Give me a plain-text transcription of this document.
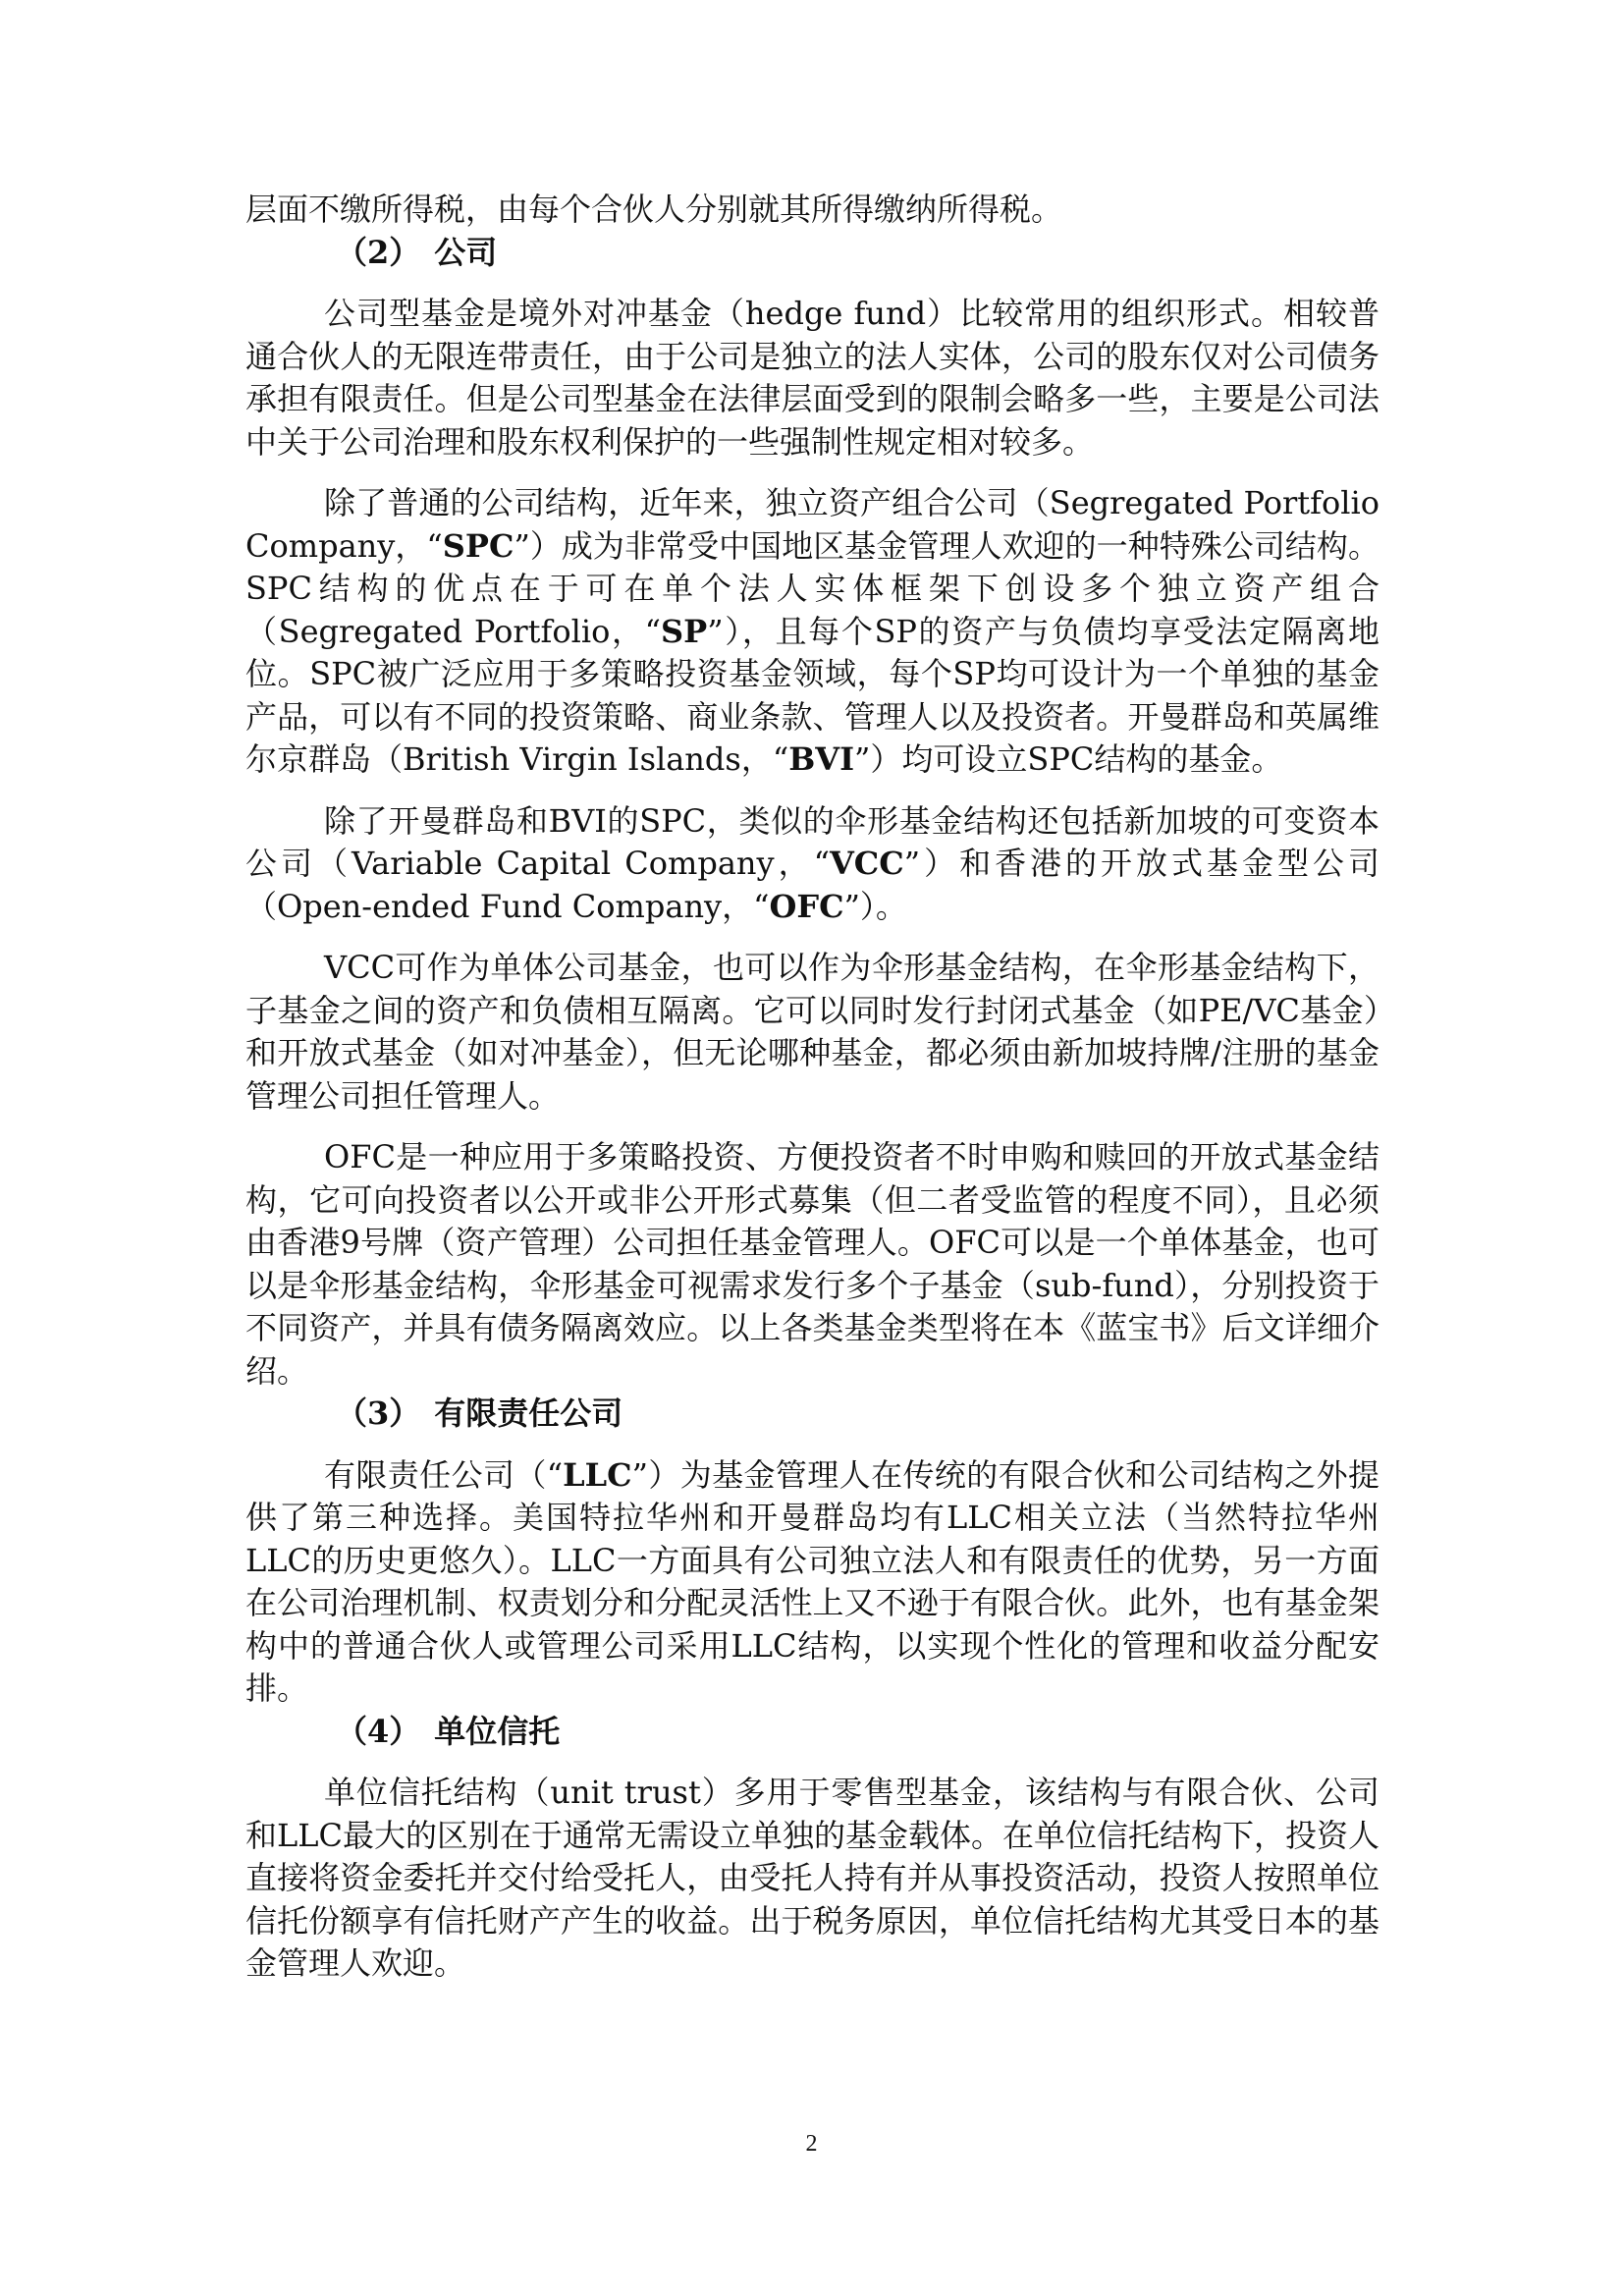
层面不缴所得税，由每个合伙人分别就其所得缴纳所得税。

（2） 公司

公司型基金是境外对冲基金（hedge fund）比较常用的组织形式。相较普通合伙人的无限连带责任，由于公司是独立的法人实体，公司的股东仅对公司债务承担有限责任。但是公司型基金在法律层面受到的限制会略多一些，主要是公司法中关于公司治理和股东权利保护的一些强制性规定相对较多。

除了普通的公司结构，近年来，独立资产组合公司（Segregated Portfolio Company，“SPC”）成为非常受中国地区基金管理人欢迎的一种特殊公司结构。SPC结构的优点在于可在单个法人实体框架下创设多个独立资产组合（Segregated Portfolio，“SP”），且每个SP的资产与负债均享受法定隔离地位。SPC被广泛应用于多策略投资基金领域，每个SP均可设计为一个单独的基金产品，可以有不同的投资策略、商业条款、管理人以及投资者。开曼群岛和英属维尔京群岛（British Virgin Islands，“BVI”）均可设立SPC结构的基金。

除了开曼群岛和BVI的SPC，类似的伞形基金结构还包括新加坡的可变资本公司（Variable Capital Company，“VCC”）和香港的开放式基金型公司（Open-ended Fund Company，“OFC”）。

VCC可作为单体公司基金，也可以作为伞形基金结构，在伞形基金结构下，子基金之间的资产和负债相互隔离。它可以同时发行封闭式基金（如PE/VC基金）和开放式基金（如对冲基金），但无论哪种基金，都必须由新加坡持牌/注册的基金管理公司担任管理人。

OFC是一种应用于多策略投资、方便投资者不时申购和赎回的开放式基金结构，它可向投资者以公开或非公开形式募集（但二者受监管的程度不同），且必须由香港9号牌（资产管理）公司担任基金管理人。OFC可以是一个单体基金，也可以是伞形基金结构，伞形基金可视需求发行多个子基金（sub-fund），分别投资于不同资产，并具有债务隔离效应。以上各类基金类型将在本《蓝宝书》后文详细介绍。

（3） 有限责任公司

有限责任公司（“LLC”）为基金管理人在传统的有限合伙和公司结构之外提供了第三种选择。美国特拉华州和开曼群岛均有LLC相关立法（当然特拉华州LLC的历史更悠久）。LLC一方面具有公司独立法人和有限责任的优势，另一方面在公司治理机制、权责划分和分配灵活性上又不逊于有限合伙。此外，也有基金架构中的普通合伙人或管理公司采用LLC结构，以实现个性化的管理和收益分配安排。

（4） 单位信托

单位信托结构（unit trust）多用于零售型基金，该结构与有限合伙、公司和LLC最大的区别在于通常无需设立单独的基金载体。在单位信托结构下，投资人直接将资金委托并交付给受托人，由受托人持有并从事投资活动，投资人按照单位信托份额享有信托财产产生的收益。出于税务原因，单位信托结构尤其受日本的基金管理人欢迎。

2
